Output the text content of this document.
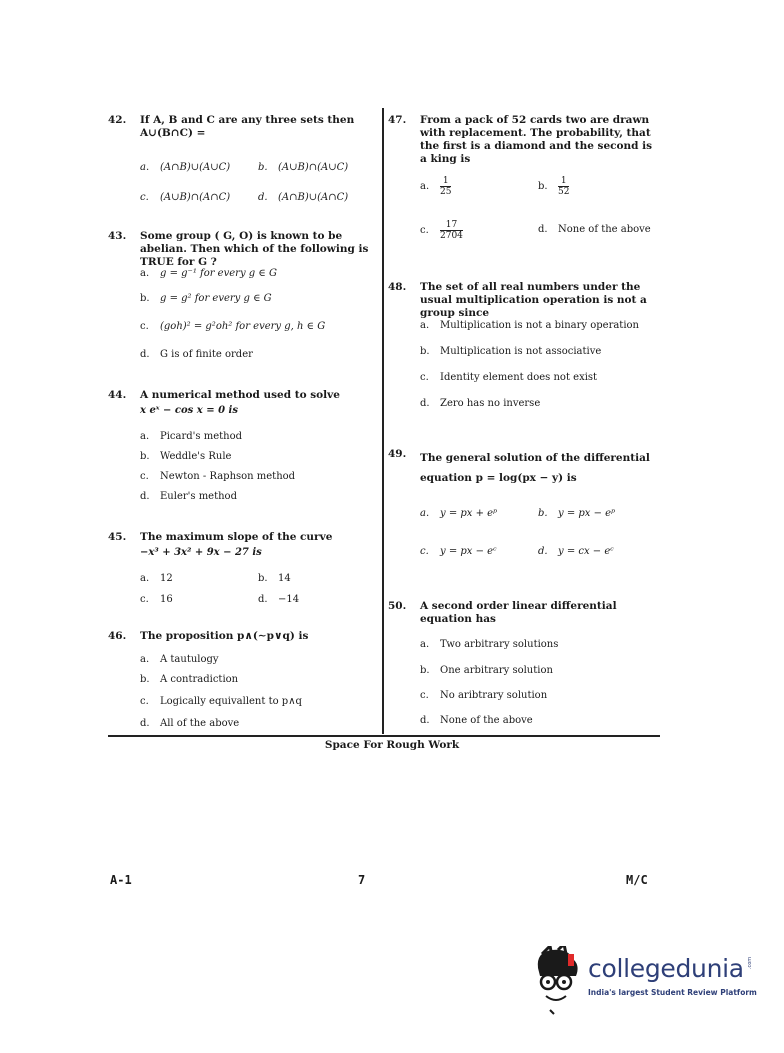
42. If A, B and C are any three sets then A∪(B∩C) =
a. (A∩B)∪(A∪C)	b. (A∪B)∩(A∪C)
c. (A∪B)∩(A∩C)	d. (A∩B)∪(A∩C)
43. Some group ( G, O) is known to be abelian. Then which of the following is TRUE for G ?
a. g = g⁻¹ for every g ∈ G
b. g = g² for every g ∈ G
c. (goh)² = g²oh² for every g, h ∈ G
d. G is of finite order
44. A numerical method used to solve
x eˣ − cos x = 0 is
a. Picard's method
b. Weddle's Rule
c. Newton - Raphson method
d. Euler's method
45. The maximum slope of the curve
−x³ + 3x² + 9x − 27 is
a. 12	b. 14
c. 16	d. −14
46. The proposition p∧(∼p∨q) is
a. A tautulogy
b. A contradiction
c. Logically equivallent to p∧q
d. All of the above
47. From a pack of 52 cards two are drawn with replacement. The probability, that the first is a diamond and the second is a king is
a. $\frac{1}{25}$	b. $\frac{1}{52}$
c. $\frac{17}{2704}$	d. None of the above
48. The set of all real numbers under the usual multiplication operation is not a group since
a. Multiplication is not a binary operation
b. Multiplication is not associative
c. Identity element does not exist
d. Zero has no inverse
49. The general solution of the differential equation p = log(px − y) is
a. y = px + eᵖ	b. y = px − eᵖ
c. y = px − eᶜ	d. y = cx − eᶜ
50. A second order linear differential equation has
a. Two arbitrary solutions
b. One arbitrary solution
c. No aribtrary solution
d. None of the above
Space For Rough Work
A-1	7	M/C
collegedunia .com
India's largest Student Review Platform
